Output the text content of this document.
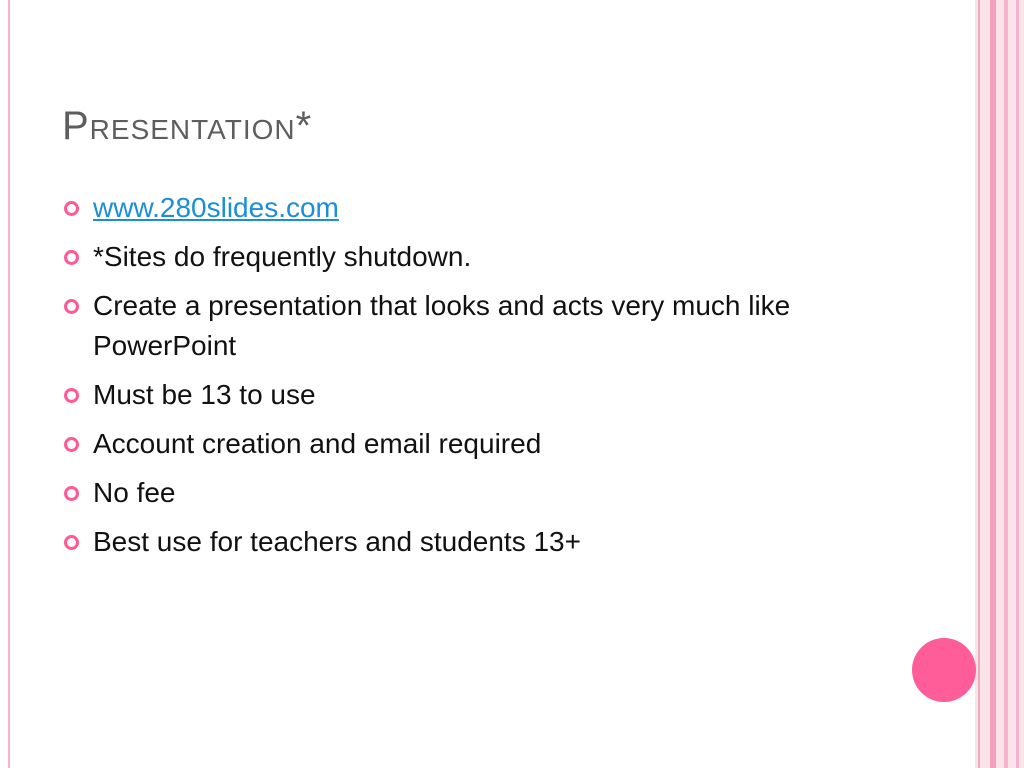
Presentation*
www.280slides.com
*Sites do frequently shutdown.
Create a presentation that looks and acts very much like PowerPoint
Must be 13 to use
Account creation and email required
No fee
Best use for teachers and students 13+
